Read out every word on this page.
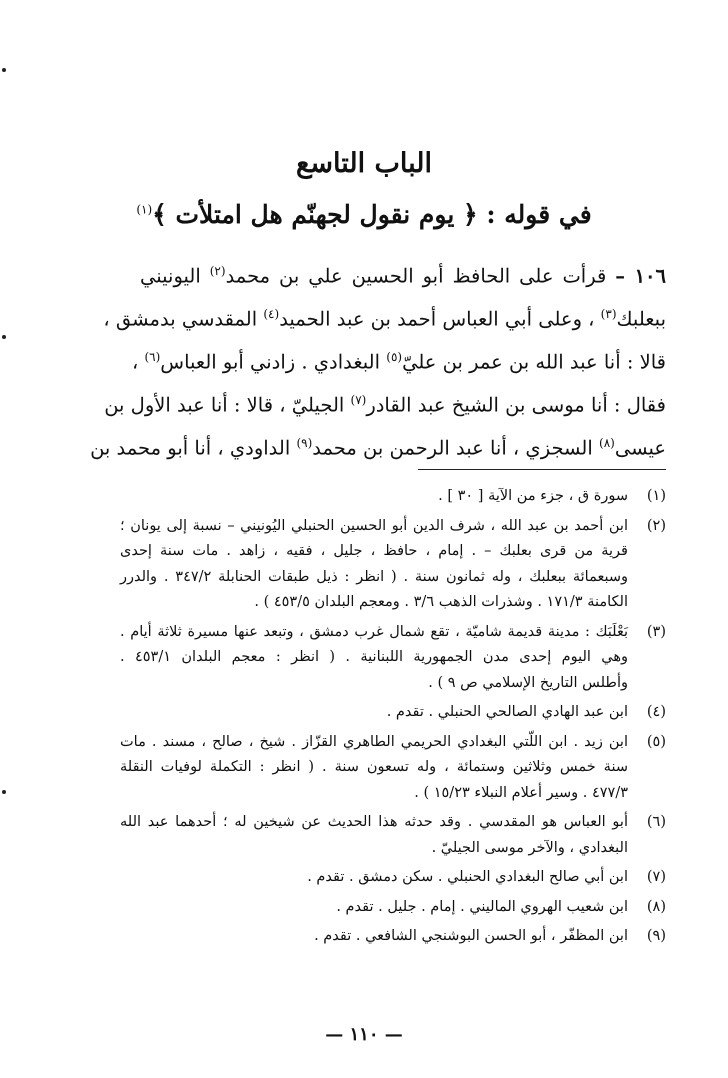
الباب التاسع
في قوله : ﴿ يوم نقول لجهنّم هل امتلأت ﴾$^{(١)}$
١٠٦ – قرأت على الحافظ أبو الحسين علي بن محمد$^{(٢)}$ اليونيني
ببعلبك$^{(٣)}$ ، وعلى أبي العباس أحمد بن عبد الحميد$^{(٤)}$ المقدسي بدمشق ،
قالا : أنا عبد الله بن عمر بن عليّ$^{(٥)}$ البغدادي . زادني أبو العباس$^{(٦)}$ ،
فقال : أنا موسى بن الشيخ عبد القادر$^{(٧)}$ الجيليّ ، قالا : أنا عبد الأول بن
عيسى$^{(٨)}$ السجزي ، أنا عبد الرحمن بن محمد$^{(٩)}$ الداودي ، أنا أبو محمد بن
(١)
سورة ق ، جزء من الآية [ ٣٠ ] .
(٢)
ابن أحمد بن عبد الله ، شرف الدين أبو الحسين الحنبلي اليُونيني – نسبة إلى يونان ؛
قرية من قرى بعلبك – . إمام ، حافظ ، جليل ، فقيه ، زاهد . مات سنة إحدى
وسبعمائة ببعلبك ، وله ثمانون سنة . ( انظر : ذيل طبقات الحنابلة ٣٤٧/٢ . والدرر
الكامنة ١٧١/٣ . وشذرات الذهب ٣/٦ . ومعجم البلدان ٤٥٣/٥ ) .
(٣)
بَعْلَبَك : مدينة قديمة شاميّة ، تقع شمال غرب دمشق ، وتبعد عنها مسيرة ثلاثة أيام .
وهي اليوم إحدى مدن الجمهورية اللبنانية . ( انظر : معجم البلدان ٤٥٣/١ .
وأطلس التاريخ الإسلامي ص ٩ ) .
(٤)
ابن عبد الهادي الصالحي الحنبلي . تقدم .
(٥)
ابن زيد . ابن اللّتي البغدادي الحريمي الطاهري القزّاز . شيخ ، صالح ، مسند . مات
سنة خمس وثلاثين وستمائة ، وله تسعون سنة . ( انظر : التكملة لوفيات النقلة
٤٧٧/٣ . وسير أعلام النبلاء ١٥/٢٣ ) .
(٦)
أبو العباس هو المقدسي . وقد حدثه هذا الحديث عن شيخين له ؛ أحدهما عبد الله
البغدادي ، والآخر موسى الجيليّ .
(٧)
ابن أبي صالح البغدادي الحنبلي . سكن دمشق . تقدم .
(٨)
ابن شعيب الهروي الماليني . إمام . جليل . تقدم .
(٩)
ابن المظفّر ، أبو الحسن البوشنجي الشافعي . تقدم .
— ١١٠ —
